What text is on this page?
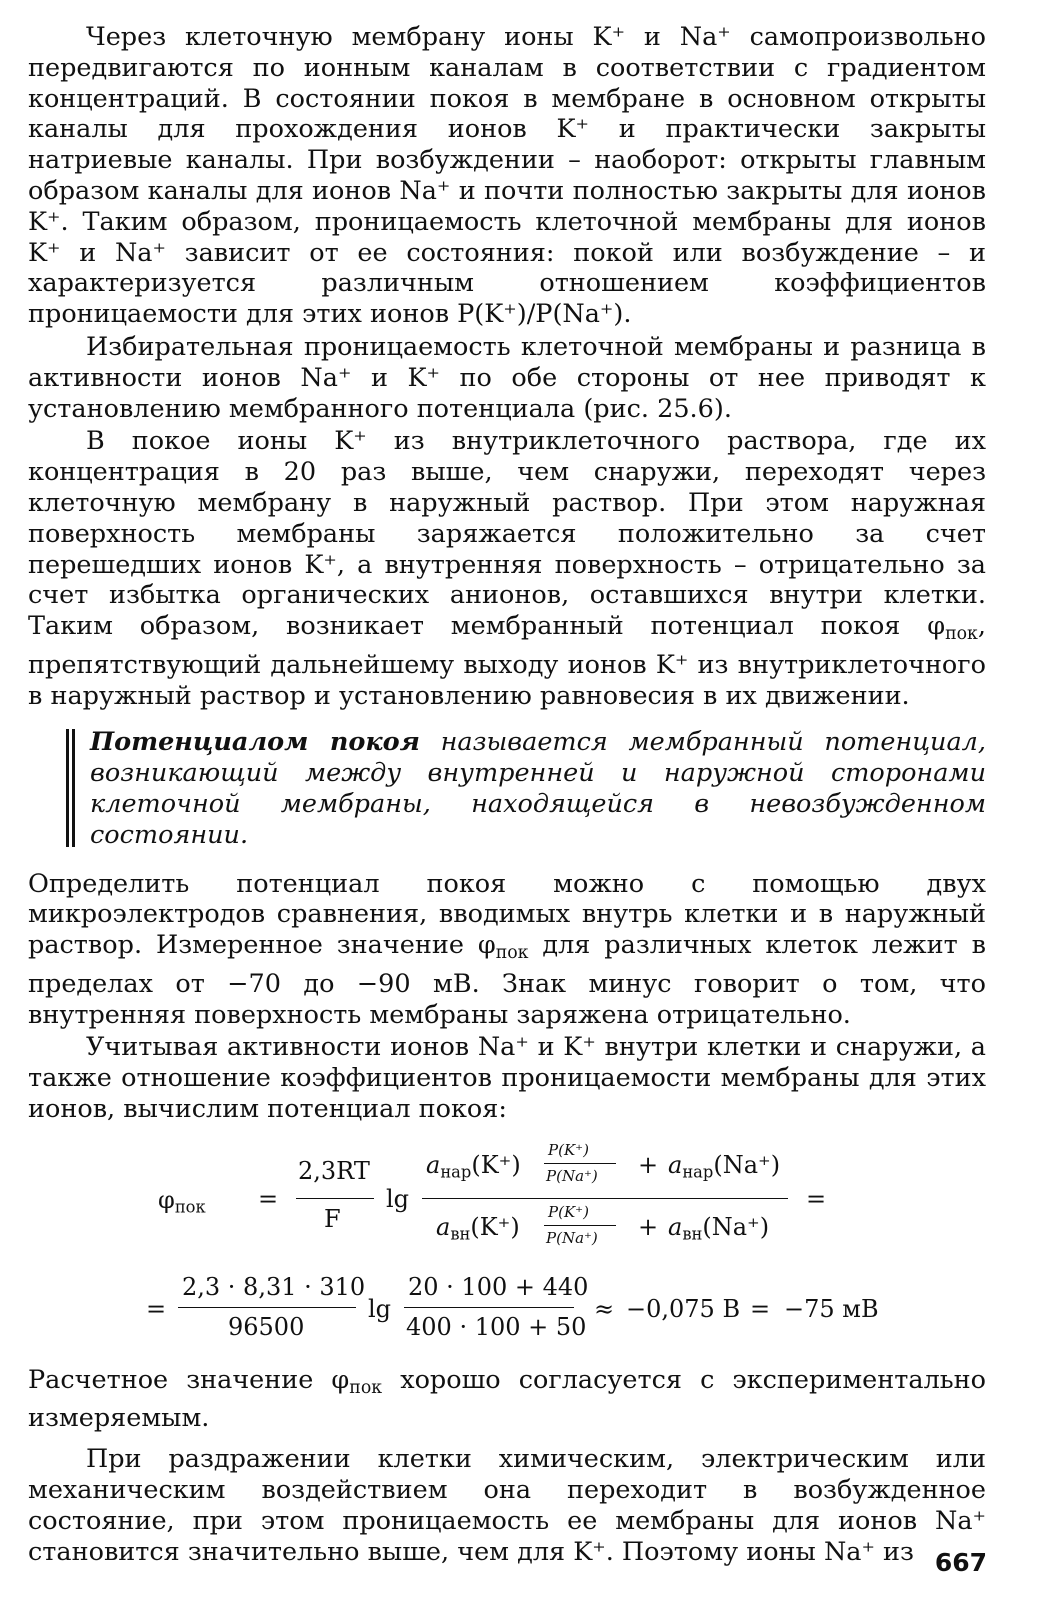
Через клеточную мембрану ионы K⁺ и Na⁺ самопроизвольно передвигаются по ионным каналам в соответствии с градиентом концентраций. В состоянии покоя в мембране в основном открыты каналы для прохождения ионов K⁺ и практически закрыты натриевые каналы. При возбуждении – наоборот: открыты главным образом каналы для ионов Na⁺ и почти полностью закрыты для ионов K⁺. Таким образом, проницаемость клеточной мембраны для ионов K⁺ и Na⁺ зависит от ее состояния: покой или возбуждение – и характеризуется различным отношением коэффициентов проницаемости для этих ионов P(K⁺)/P(Na⁺).

Избирательная проницаемость клеточной мембраны и разница в активности ионов Na⁺ и K⁺ по обе стороны от нее приводят к установлению мембранного потенциала (рис. 25.6).

В покое ионы K⁺ из внутриклеточного раствора, где их концентрация в 20 раз выше, чем снаружи, переходят через клеточную мембрану в наружный раствор. При этом наружная поверхность мембраны заряжается положительно за счет перешедших ионов K⁺, а внутренняя поверхность – отрицательно за счет избытка органических анионов, оставшихся внутри клетки. Таким образом, возникает мембранный потенциал покоя $\varphi_{пок}$, препятствующий дальнейшему выходу ионов K⁺ из внутриклеточного в наружный раствор и установлению равновесия в их движении.

Потенциалом покоя называется мембранный потенциал, возникающий между внутренней и наружной сторонами клеточной мембраны, находящейся в невозбужденном состоянии.

Определить потенциал покоя можно с помощью двух микроэлектродов сравнения, вводимых внутрь клетки и в наружный раствор. Измеренное значение $\varphi_{пок}$ для различных клеток лежит в пределах от −70 до −90 мВ. Знак минус говорит о том, что внутренняя поверхность мембраны заряжена отрицательно.

Учитывая активности ионов Na⁺ и K⁺ внутри клетки и снаружи, а также отношение коэффициентов проницаемости мембраны для этих ионов, вычислим потенциал покоя:

$\varphi_{пок}$ =
2,3RT
F
lg
$a_{нар}(K^+)$
P(K⁺)
$P(Na^+) + a_{нар}(Na^+)$
$a_{вн}(K^+)$
P(K⁺)
$P(Na^+) + a_{вн}(Na^+)$
=
=
2,3 · 8,31 · 310
96500
lg
20 · 100 + 440
400 · 100 + 50
≈ −0,075 В = −75 мВ

Расчетное значение $\varphi_{пок}$ хорошо согласуется с экспериментально измеряемым.

При раздражении клетки химическим, электрическим или механическим воздействием она переходит в возбужденное состояние, при этом проницаемость ее мембраны для ионов Na⁺ становится значительно выше, чем для K⁺. Поэтому ионы Na⁺ из 667
